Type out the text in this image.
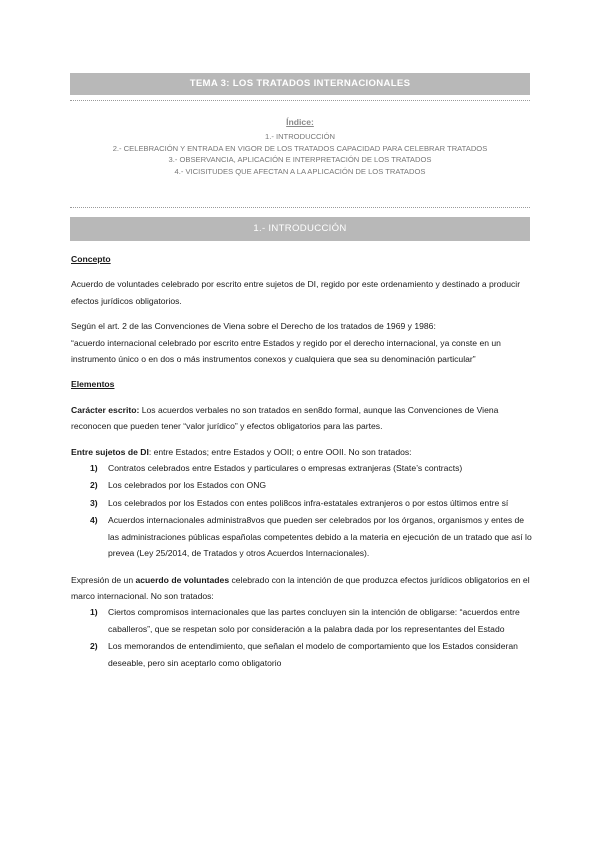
TEMA 3: LOS TRATADOS INTERNACIONALES
Índice:
1.- INTRODUCCIÓN
2.- CELEBRACIÓN Y ENTRADA EN VIGOR DE LOS TRATADOS CAPACIDAD PARA CELEBRAR TRATADOS
3.- OBSERVANCIA, APLICACIÓN E INTERPRETACIÓN DE LOS TRATADOS
4.- VICISITUDES QUE AFECTAN A LA APLICACIÓN DE LOS TRATADOS
1.- INTRODUCCIÓN
Concepto

Acuerdo de voluntades celebrado por escrito entre sujetos de DI, regido por este ordenamiento y destinado a producir efectos jurídicos obligatorios.

Según el art. 2 de las Convenciones de Viena sobre el Derecho de los tratados de 1969 y 1986:
“acuerdo internacional celebrado por escrito entre Estados y regido por el derecho internacional, ya conste en un instrumento único o en dos o más instrumentos conexos y cualquiera que sea su denominación particular”

Elementos

Carácter escrito: Los acuerdos verbales no son tratados en sen8do formal, aunque las Convenciones de Viena reconocen que pueden tener “valor jurídico” y efectos obligatorios para las partes.

Entre sujetos de DI: entre Estados; entre Estados y OOII; o entre OOII. No son tratados:

1) Contratos celebrados entre Estados y particulares o empresas extranjeras (State’s contracts)
2) Los celebrados por los Estados con ONG
3) Los celebrados por los Estados con entes poli8cos infra-estatales extranjeros o por estos últimos entre sí
4) Acuerdos internacionales administra8vos que pueden ser celebrados por los órganos, organismos y entes de las administraciones públicas españolas competentes debido a la materia en ejecución de un tratado que así lo prevea (Ley 25/2014, de Tratados y otros Acuerdos Internacionales).

Expresión de un acuerdo de voluntades celebrado con la intención de que produzca efectos jurídicos obligatorios en el marco internacional. No son tratados:

1) Ciertos compromisos internacionales que las partes concluyen sin la intención de obligarse: “acuerdos entre caballeros”, que se respetan solo por consideración a la palabra dada por los representantes del Estado
2) Los memorandos de entendimiento, que señalan el modelo de comportamiento que los Estados consideran deseable, pero sin aceptarlo como obligatorio
